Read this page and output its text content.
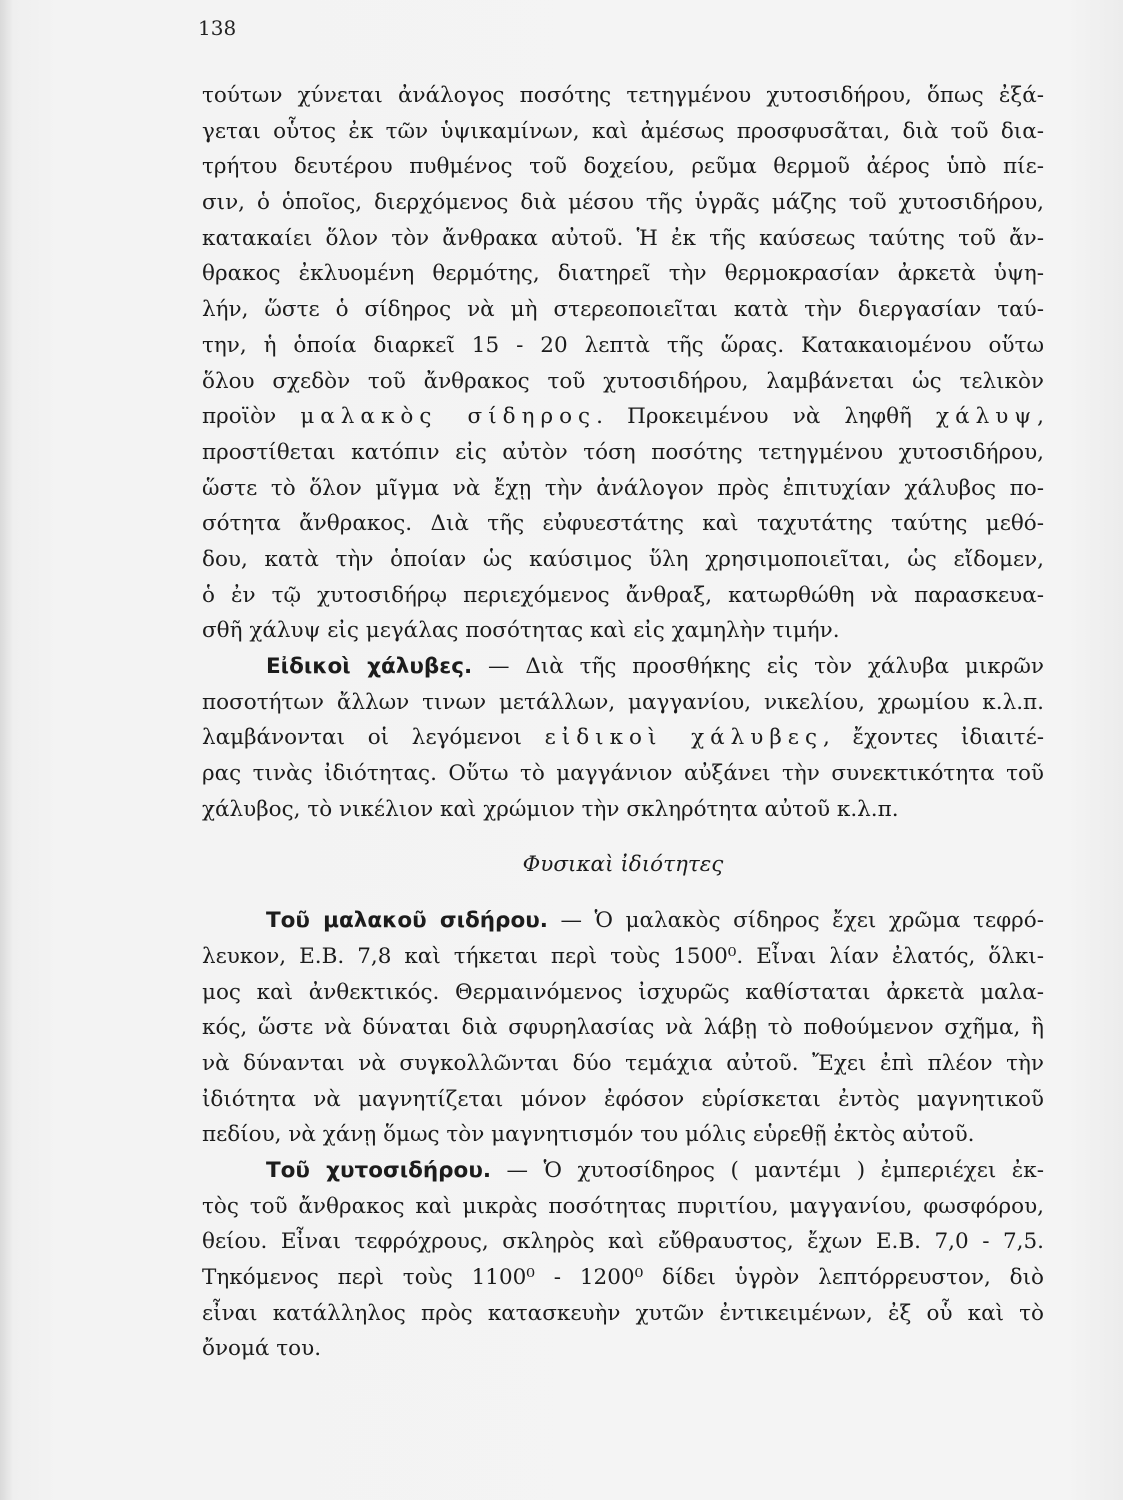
138
τούτων χύνεται ἀνάλογος ποσότης τετηγμένου χυτοσιδήρου, ὅπως ἐξά-
γεται οὗτος ἐκ τῶν ὑψικαμίνων, καὶ ἀμέσως προσφυσᾶται, διὰ τοῦ δια-
τρήτου δευτέρου πυθμένος τοῦ δοχείου, ρεῦμα θερμοῦ ἀέρος ὑπὸ πίε-
σιν, ὁ ὁποῖος, διερχόμενος διὰ μέσου τῆς ὑγρᾶς μάζης τοῦ χυτοσιδήρου,
κατακαίει ὅλον τὸν ἄνθρακα αὐτοῦ. Ἡ ἐκ τῆς καύσεως ταύτης τοῦ ἄν-
θρακος ἐκλυομένη θερμότης, διατηρεῖ τὴν θερμοκρασίαν ἀρκετὰ ὑψη-
λήν, ὥστε ὁ σίδηρος νὰ μὴ στερεοποιεῖται κατὰ τὴν διεργασίαν ταύ-
την, ἡ ὁποία διαρκεῖ 15 - 20 λεπτὰ τῆς ὥρας. Κατακαιομένου οὕτω
ὅλου σχεδὸν τοῦ ἄνθρακος τοῦ χυτοσιδήρου, λαμβάνεται ὡς τελικὸν
προϊὸν μαλακὸς σίδηρος. Προκειμένου νὰ ληφθῆ χάλυψ,
προστίθεται κατόπιν εἰς αὐτὸν τόση ποσότης τετηγμένου χυτοσιδήρου,
ὥστε τὸ ὅλον μῖγμα νὰ ἔχῃ τὴν ἀνάλογον πρὸς ἐπιτυχίαν χάλυβος πο-
σότητα ἄνθρακος. Διὰ τῆς εὐφυεστάτης καὶ ταχυτάτης ταύτης μεθό-
δου, κατὰ τὴν ὁποίαν ὡς καύσιμος ὕλη χρησιμοποιεῖται, ὡς εἴδομεν,
ὁ ἐν τῷ χυτοσιδήρῳ περιεχόμενος ἄνθραξ, κατωρθώθη νὰ παρασκευα-
σθῆ χάλυψ εἰς μεγάλας ποσότητας καὶ εἰς χαμηλὴν τιμήν.
Εἰδικοὶ χάλυβες. — Διὰ τῆς προσθήκης εἰς τὸν χάλυβα μικρῶν
ποσοτήτων ἄλλων τινων μετάλλων, μαγγανίου, νικελίου, χρωμίου κ.λ.π.
λαμβάνονται οἱ λεγόμενοι εἰδικοὶ χάλυβες, ἔχοντες ἰδιαιτέ-
ρας τινὰς ἰδιότητας. Οὕτω τὸ μαγγάνιον αὐξάνει τὴν συνεκτικότητα τοῦ
χάλυβος, τὸ νικέλιον καὶ χρώμιον τὴν σκληρότητα αὐτοῦ κ.λ.π.
Φυσικαὶ ἰδιότητες
Τοῦ μαλακοῦ σιδήρου. — Ὁ μαλακὸς σίδηρος ἔχει χρῶμα τεφρό-
λευκον, Ε.Β. 7,8 καὶ τήκεται περὶ τοὺς 1500⁰. Εἶναι λίαν ἐλατός, ὅλκι-
μος καὶ ἀνθεκτικός. Θερμαινόμενος ἰσχυρῶς καθίσταται ἀρκετὰ μαλα-
κός, ὥστε νὰ δύναται διὰ σφυρηλασίας νὰ λάβῃ τὸ ποθούμενον σχῆμα, ἢ
νὰ δύνανται νὰ συγκολλῶνται δύο τεμάχια αὐτοῦ. Ἔχει ἐπὶ πλέον τὴν
ἰδιότητα νὰ μαγνητίζεται μόνον ἐφόσον εὑρίσκεται ἐντὸς μαγνητικοῦ
πεδίου, νὰ χάνῃ ὅμως τὸν μαγνητισμόν του μόλις εὑρεθῇ ἐκτὸς αὐτοῦ.
Τοῦ χυτοσιδήρου. — Ὁ χυτοσίδηρος ( μαντέμι ) ἐμπεριέχει ἐκ-
τὸς τοῦ ἄνθρακος καὶ μικρὰς ποσότητας πυριτίου, μαγγανίου, φωσφόρου,
θείου. Εἶναι τεφρόχρους, σκληρὸς καὶ εὔθραυστος, ἔχων Ε.Β. 7,0 - 7,5.
Τηκόμενος περὶ τοὺς 1100⁰ - 1200⁰ δίδει ὑγρὸν λεπτόρρευστον, διὸ
εἶναι κατάλληλος πρὸς κατασκευὴν χυτῶν ἐντικειμένων, ἐξ οὗ καὶ τὸ
ὄνομά του.
